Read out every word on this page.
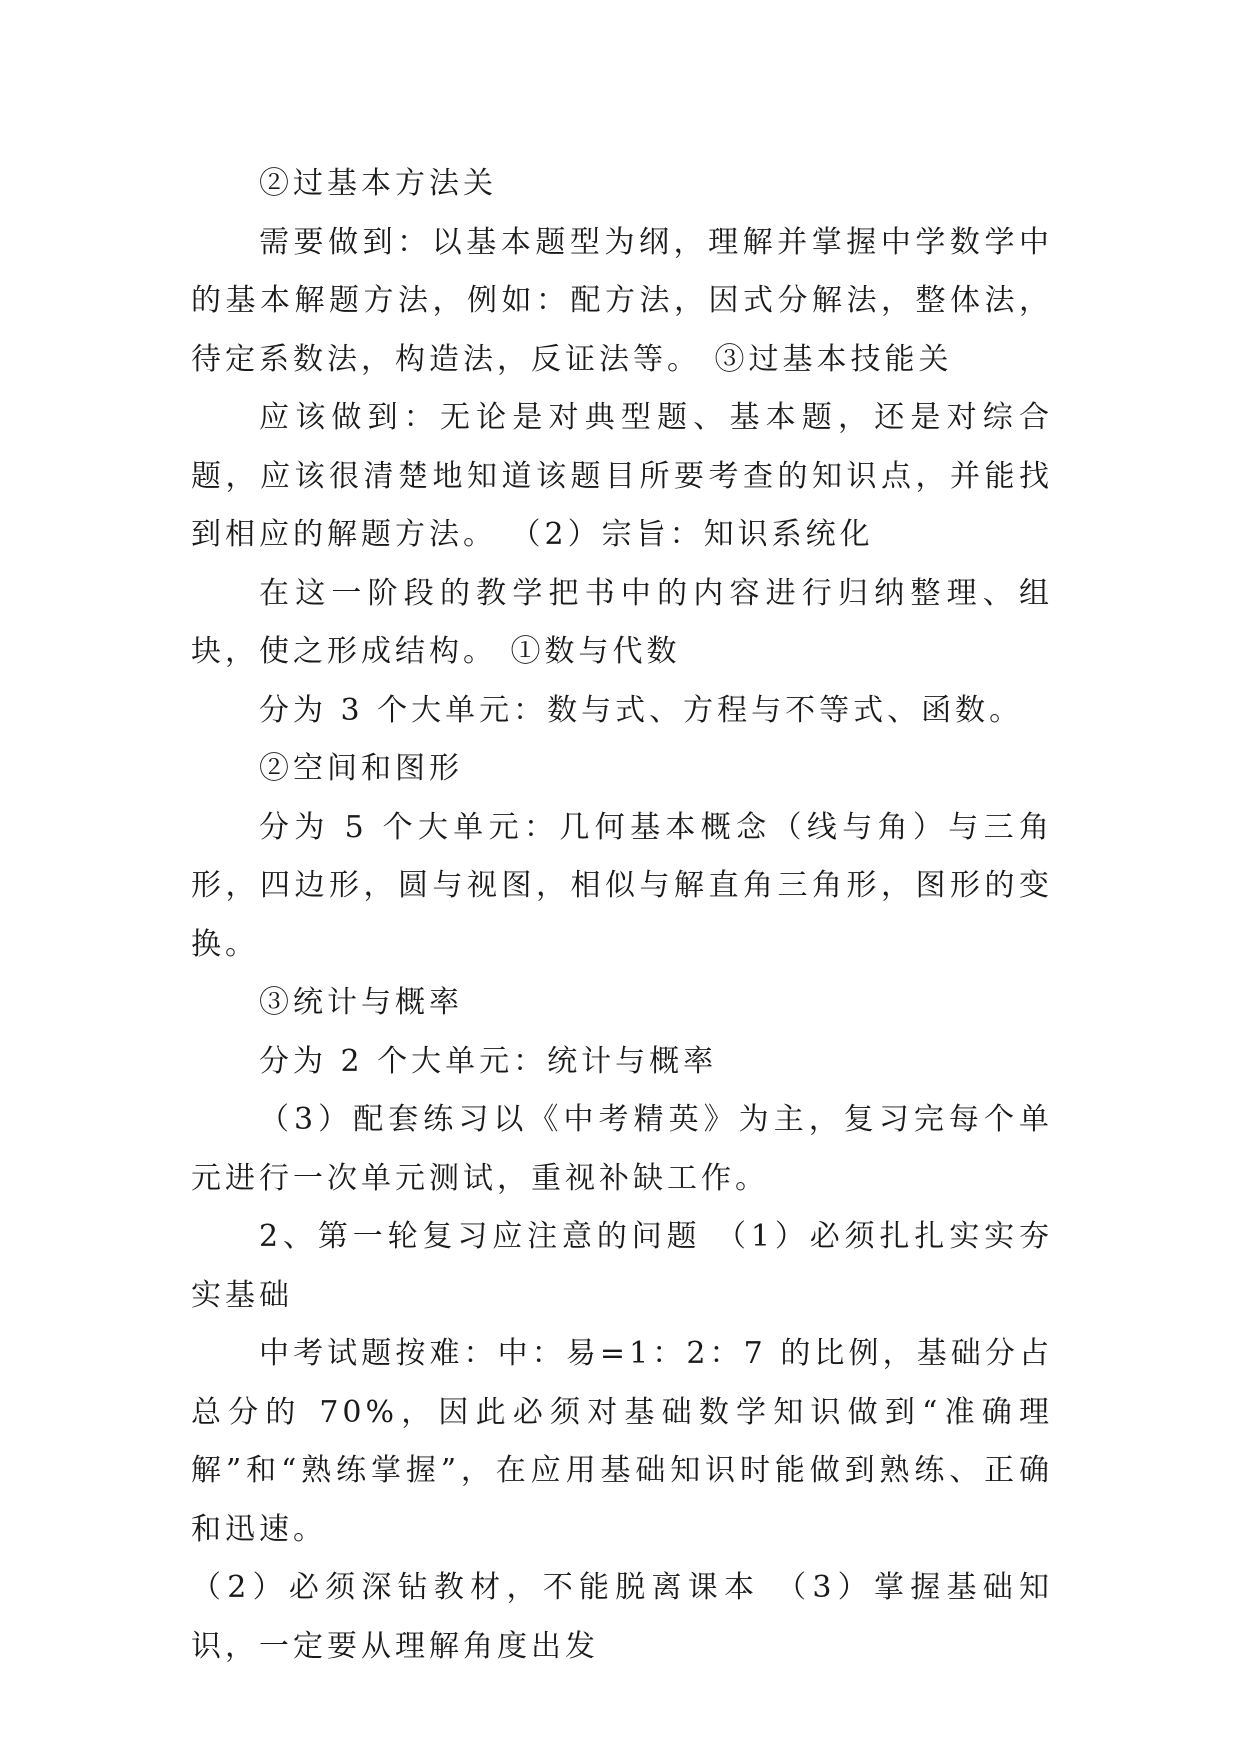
②过基本方法关

需要做到：以基本题型为纲，理解并掌握中学数学中的基本解题方法，例如：配方法，因式分解法，整体法，待定系数法，构造法，反证法等。 ③过基本技能关

应该做到：无论是对典型题、基本题，还是对综合题，应该很清楚地知道该题目所要考查的知识点，并能找到相应的解题方法。 （2）宗旨：知识系统化

在这一阶段的教学把书中的内容进行归纳整理、组块，使之形成结构。 ①数与代数

分为 3 个大单元：数与式、方程与不等式、函数。

②空间和图形

分为 5 个大单元：几何基本概念（线与角）与三角形，四边形，圆与视图，相似与解直角三角形，图形的变换。

③统计与概率

分为 2 个大单元：统计与概率

（3）配套练习以《中考精英》为主，复习完每个单元进行一次单元测试，重视补缺工作。

2、第一轮复习应注意的问题 （1）必须扎扎实实夯实基础

中考试题按难：中：易=1：2：7 的比例，基础分占总分的 70%，因此必须对基础数学知识做到“准确理解”和“熟练掌握”，在应用基础知识时能做到熟练、正确和迅速。

（2）必须深钻教材，不能脱离课本 （3）掌握基础知识，一定要从理解角度出发
